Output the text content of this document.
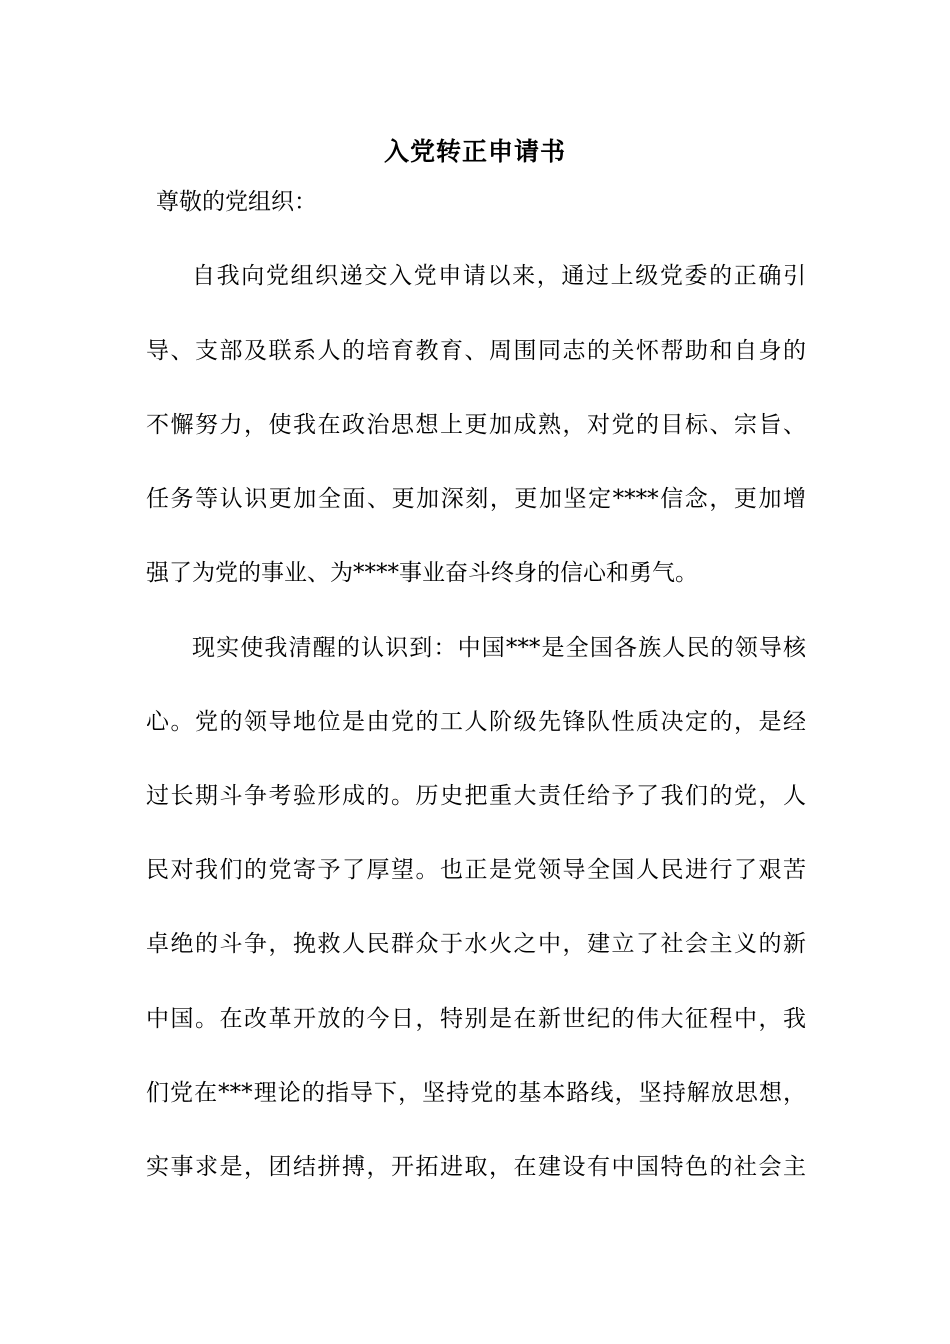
入党转正申请书
尊敬的党组织：
自我向党组织递交入党申请以来，通过上级党委的正确引
导、支部及联系人的培育教育、周围同志的关怀帮助和自身的
不懈努力，使我在政治思想上更加成熟，对党的目标、宗旨、
任务等认识更加全面、更加深刻，更加坚定****信念，更加增
强了为党的事业、为****事业奋斗终身的信心和勇气。
现实使我清醒的认识到：中国***是全国各族人民的领导核
心。党的领导地位是由党的工人阶级先锋队性质决定的，是经
过长期斗争考验形成的。历史把重大责任给予了我们的党，人
民对我们的党寄予了厚望。也正是党领导全国人民进行了艰苦
卓绝的斗争，挽救人民群众于水火之中，建立了社会主义的新
中国。在改革开放的今日，特别是在新世纪的伟大征程中，我
们党在***理论的指导下，坚持党的基本路线，坚持解放思想，
实事求是，团结拼搏，开拓进取，在建设有中国特色的社会主
